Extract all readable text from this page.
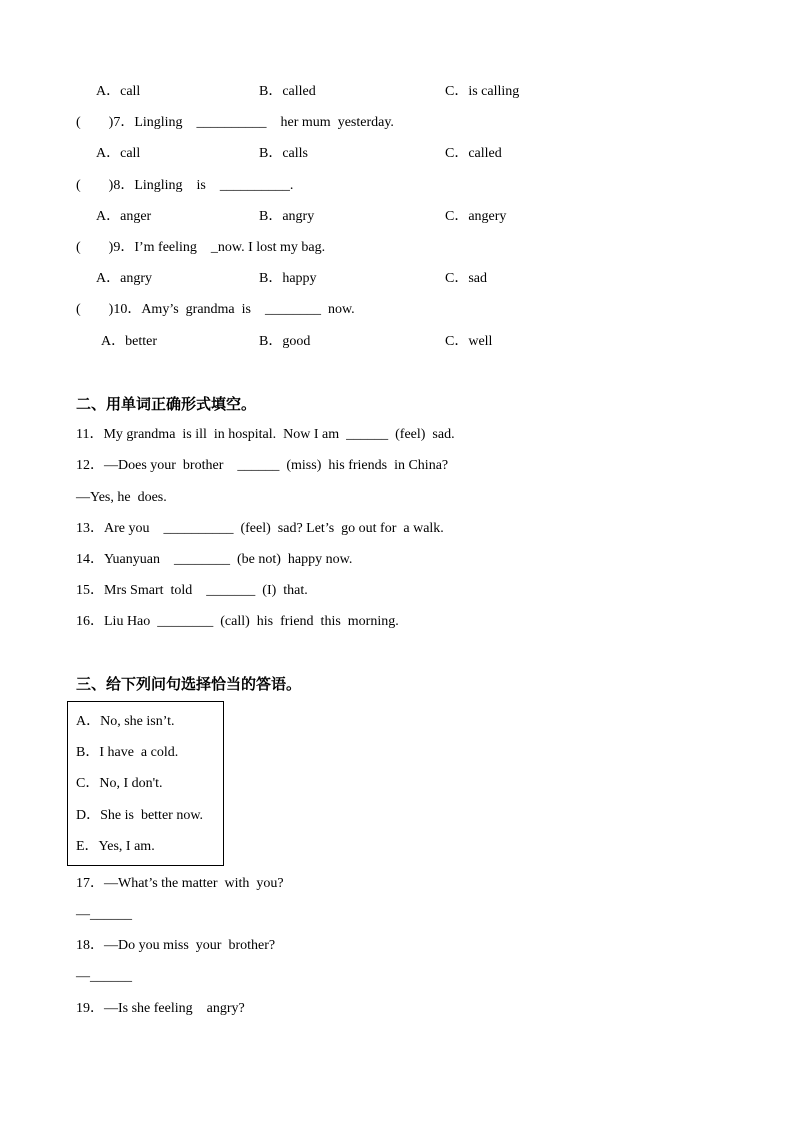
A．call	B．called	C．is calling
(　　)7．Lingling　__________　her mum  yesterday.
A．call	B．calls	C．called
(　　)8．Lingling　is　__________.
A．anger	B．angry	C．angery
(　　)9．I’m feeling　_now. I lost my bag.
A．angry	B．happy	C．sad
(　　)10．Amy’s  grandma  is　________  now.
A．better	B．good	C．well
二、用单词正确形式填空。
11．My grandma  is ill  in hospital.  Now I am  ______  (feel)  sad.
12．—Does your  brother　______  (miss)  his friends  in China?
—Yes, he  does.
13．Are you　__________  (feel)  sad? Let’s  go out for  a walk.
14．Yuanyuan　________  (be not)  happy now.
15．Mrs Smart  told　_______  (I)  that.
16．Liu Hao  ________  (call)  his  friend  this  morning.
三、给下列问句选择恰当的答语。
A．No, she isn’t.
B．I have  a cold.
C．No, I don't.
D．She is  better now.
E．Yes, I am.
17．—What’s the matter  with  you?
—______
18．—Do you miss  your  brother?
—______
19．—Is she feeling　angry?
